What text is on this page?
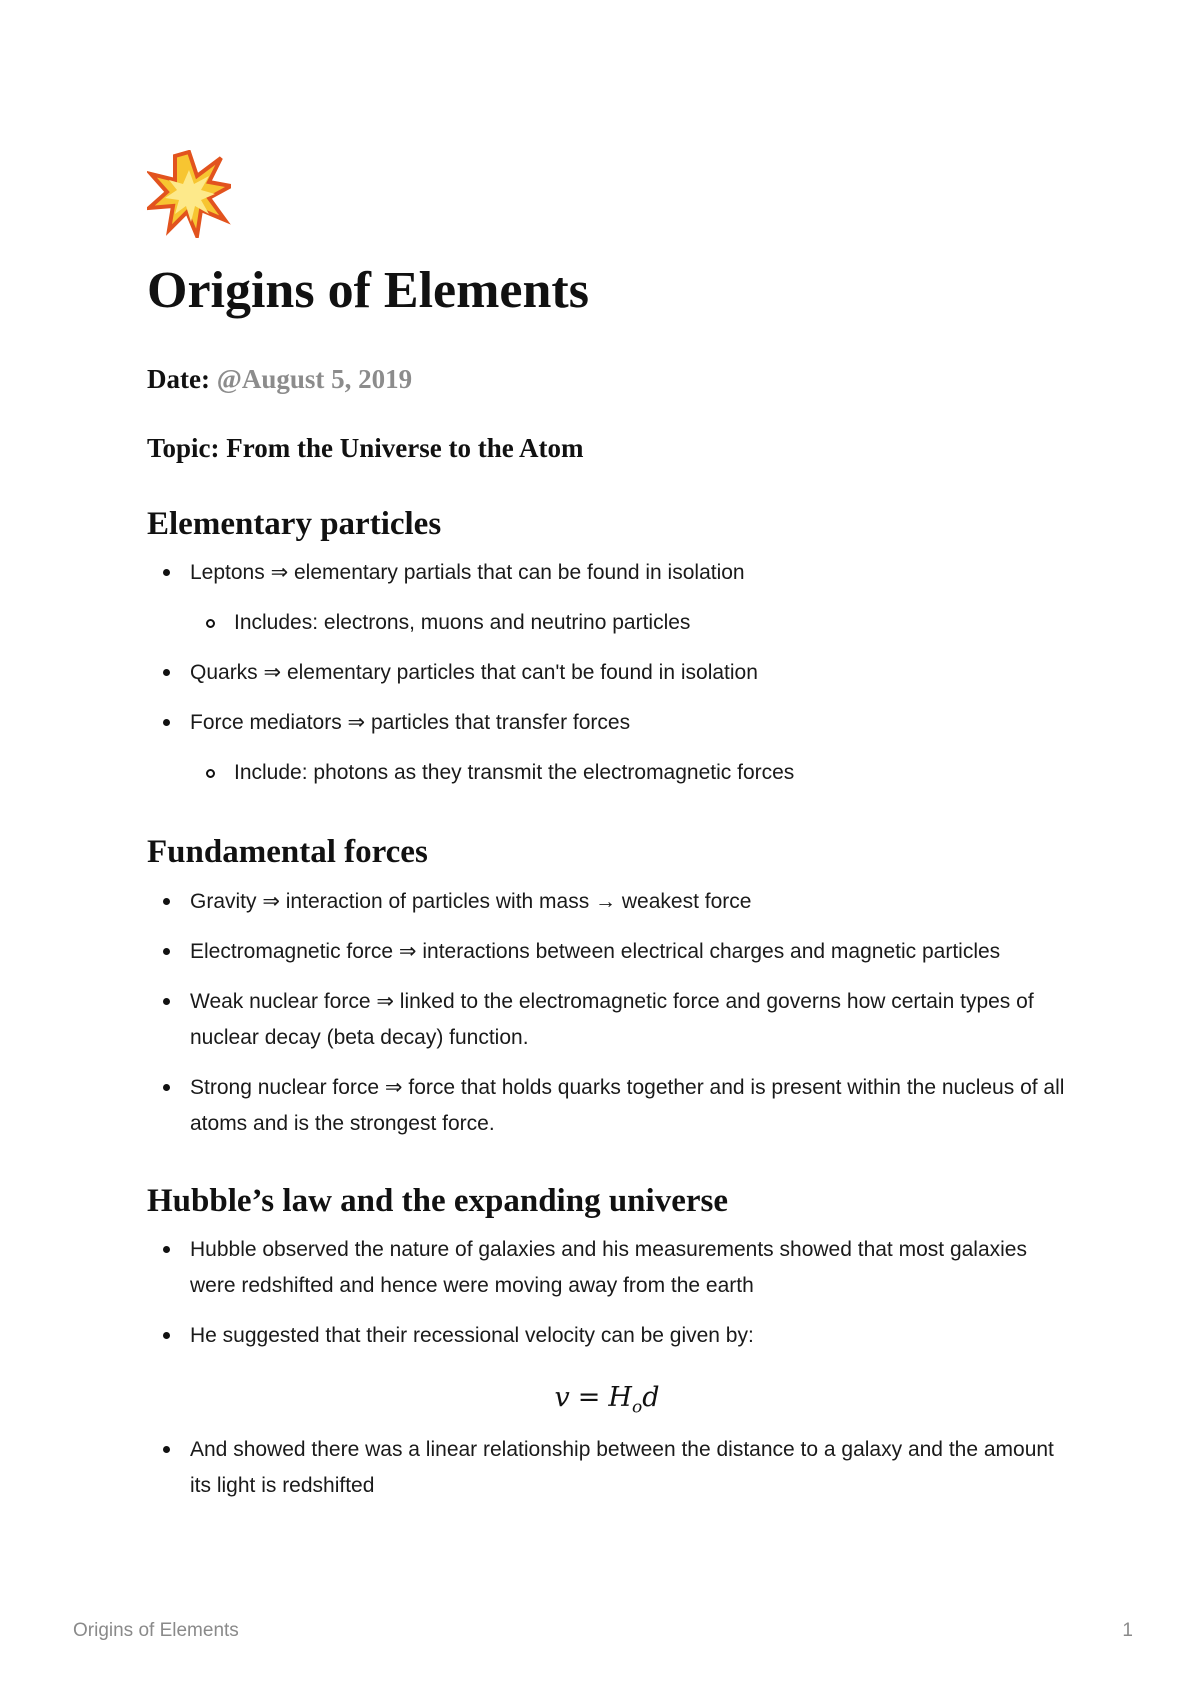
Origins of Elements
Date: @August 5, 2019
Topic: From the Universe to the Atom
Elementary particles
Leptons ⇒ elementary partials that can be found in isolation
Includes: electrons, muons and neutrino particles
Quarks ⇒ elementary particles that can't be found in isolation
Force mediators ⇒ particles that transfer forces
Include: photons as they transmit the electromagnetic forces
Fundamental forces
Gravity ⇒ interaction of particles with mass → weakest force
Electromagnetic force ⇒ interactions between electrical charges and magnetic particles
Weak nuclear force ⇒ linked to the electromagnetic force and governs how certain types of nuclear decay (beta decay) function.
Strong nuclear force ⇒ force that holds quarks together and is present within the nucleus of all atoms and is the strongest force.
Hubble’s law and the expanding universe
Hubble observed the nature of galaxies and his measurements showed that most galaxies were redshifted and hence were moving away from the earth
He suggested that their recessional velocity can be given by:
$v = H_od$
And showed there was a linear relationship between the distance to a galaxy and the amount its light is redshifted
Origins of Elements	1
